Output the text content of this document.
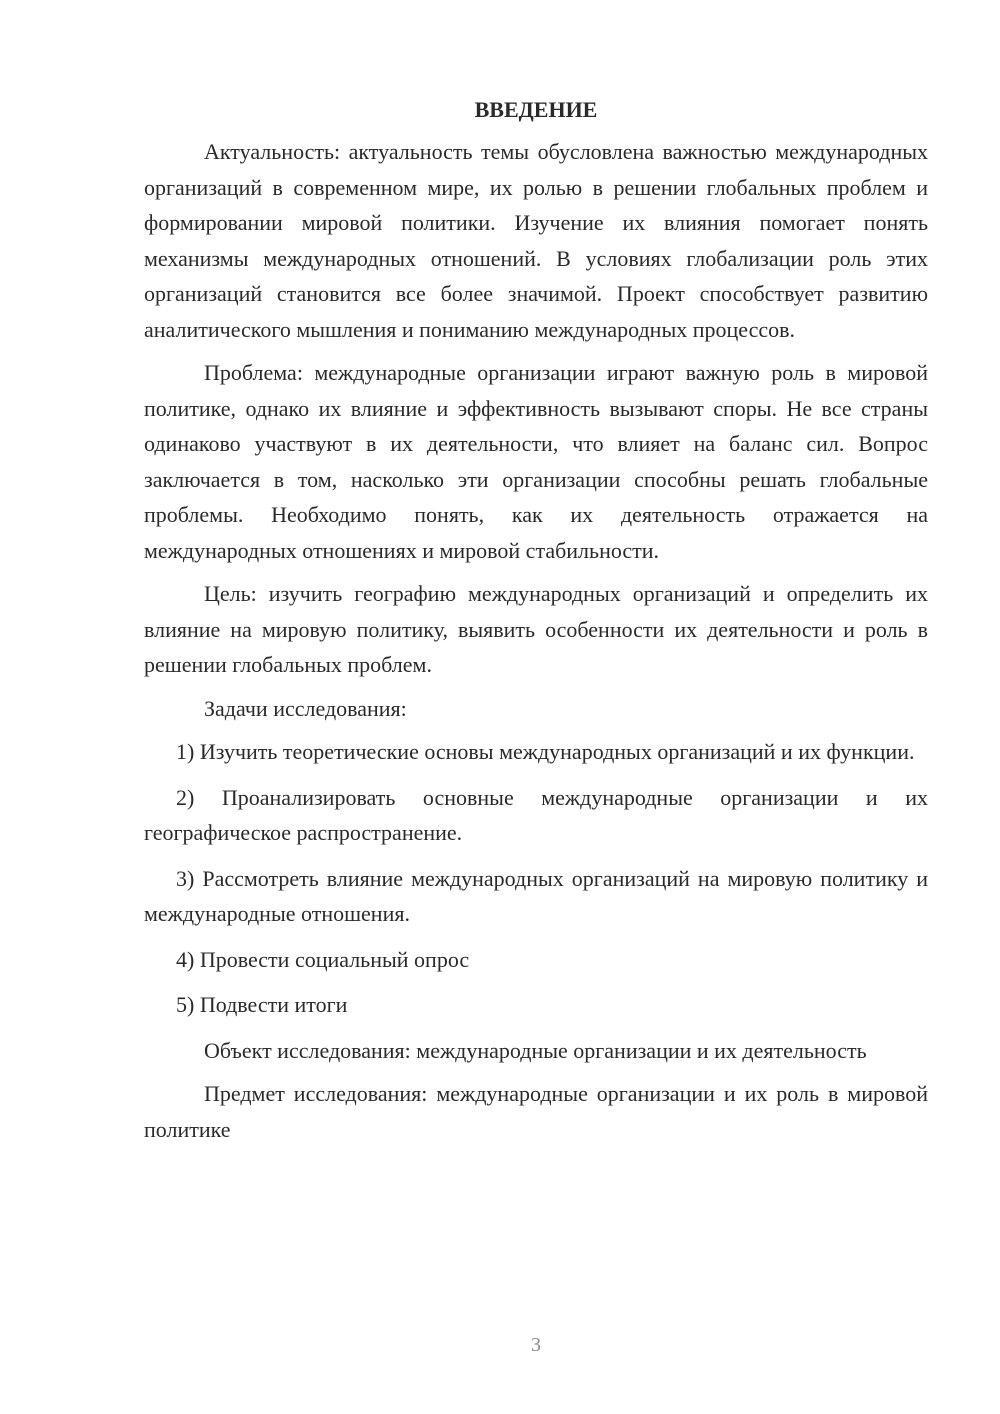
ВВЕДЕНИЕ

Актуальность: актуальность темы обусловлена важностью международных организаций в современном мире, их ролью в решении глобальных проблем и формировании мировой политики. Изучение их влияния помогает понять механизмы международных отношений. В условиях глобализации роль этих организаций становится все более значимой. Проект способствует развитию аналитического мышления и пониманию международных процессов.

Проблема: международные организации играют важную роль в мировой политике, однако их влияние и эффективность вызывают споры. Не все страны одинаково участвуют в их деятельности, что влияет на баланс сил. Вопрос заключается в том, насколько эти организации способны решать глобальные проблемы. Необходимо понять, как их деятельность отражается на международных отношениях и мировой стабильности.

Цель: изучить географию международных организаций и определить их влияние на мировую политику, выявить особенности их деятельности и роль в решении глобальных проблем.

Задачи исследования:

1) Изучить теоретические основы международных организаций и их функции.

2) Проанализировать основные международные организации и их географическое распространение.

3) Рассмотреть влияние международных организаций на мировую политику и международные отношения.

4) Провести социальный опрос

5) Подвести итоги

Объект исследования: международные организации и их деятельность

Предмет исследования: международные организации и их роль в мировой политике

3
